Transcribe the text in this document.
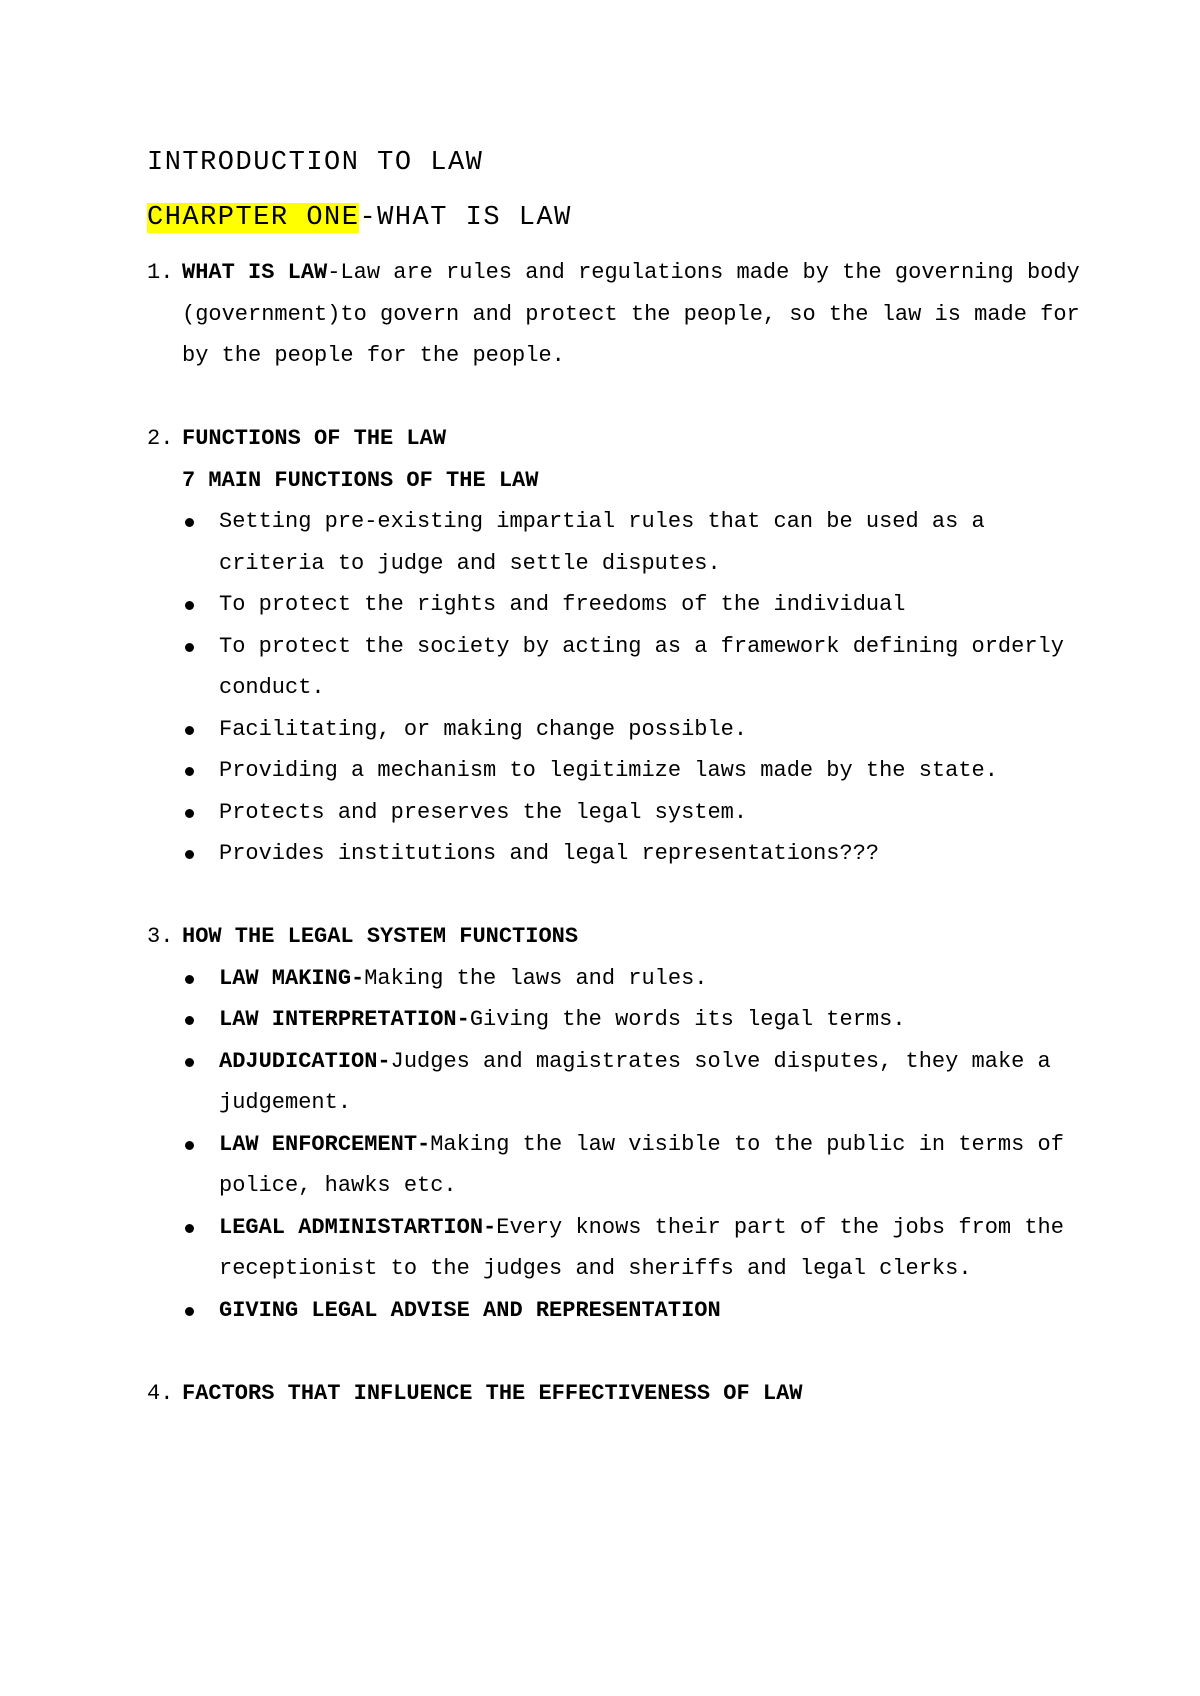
INTRODUCTION TO LAW
CHARPTER ONE-WHAT IS LAW
1. WHAT IS LAW-Law are rules and regulations made by the governing body (government)to govern and protect the people, so the law is made for by the people for the people.
2. FUNCTIONS OF THE LAW
7 MAIN FUNCTIONS OF THE LAW
Setting pre-existing impartial rules that can be used as a criteria to judge and settle disputes.
To protect the rights and freedoms of the individual
To protect the society by acting as a framework defining orderly conduct.
Facilitating, or making change possible.
Providing a mechanism to legitimize laws made by the state.
Protects and preserves the legal system.
Provides institutions and legal representations???
3. HOW THE LEGAL SYSTEM FUNCTIONS
LAW MAKING-Making the laws and rules.
LAW INTERPRETATION-Giving the words its legal terms.
ADJUDICATION-Judges and magistrates solve disputes, they make a judgement.
LAW ENFORCEMENT-Making the law visible to the public in terms of police, hawks etc.
LEGAL ADMINISTARTION-Every knows their part of the jobs from the receptionist to the judges and sheriffs and legal clerks.
GIVING LEGAL ADVISE AND REPRESENTATION
4. FACTORS THAT INFLUENCE THE EFFECTIVENESS OF LAW
